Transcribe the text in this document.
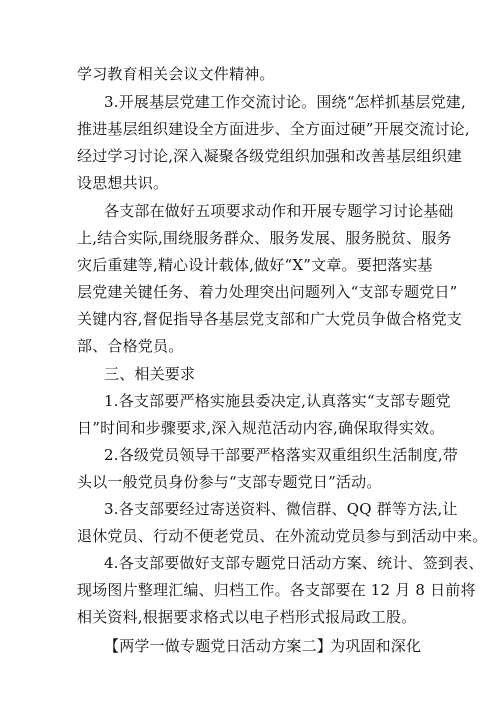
学习教育相关会议文件精神。
3.开展基层党建工作交流讨论。围绕“怎样抓基层党建,
推进基层组织建设全方面进步、全方面过硬”开展交流讨论,
经过学习讨论,深入凝聚各级党组织加强和改善基层组织建
设思想共识。
各支部在做好五项要求动作和开展专题学习讨论基础
上,结合实际,围绕服务群众、服务发展、服务脱贫、服务
灾后重建等,精心设计载体,做好“X”文章。要把落实基
层党建关键任务、着力处理突出问题列入“支部专题党日”
关键内容,督促指导各基层党支部和广大党员争做合格党支
部、合格党员。
三、相关要求
1.各支部要严格实施县委决定,认真落实“支部专题党
日”时间和步骤要求,深入规范活动内容,确保取得实效。
2.各级党员领导干部要严格落实双重组织生活制度,带
头以一般党员身份参与“支部专题党日”活动。
3.各支部要经过寄送资料、微信群、QQ 群等方法,让
退休党员、行动不便老党员、在外流动党员参与到活动中来。
4.各支部要做好支部专题党日活动方案、统计、签到表、
现场图片整理汇编、归档工作。各支部要在 12 月 8 日前将
相关资料,根据要求格式以电子档形式报局政工股。
【两学一做专题党日活动方案二】
为巩固和深化
